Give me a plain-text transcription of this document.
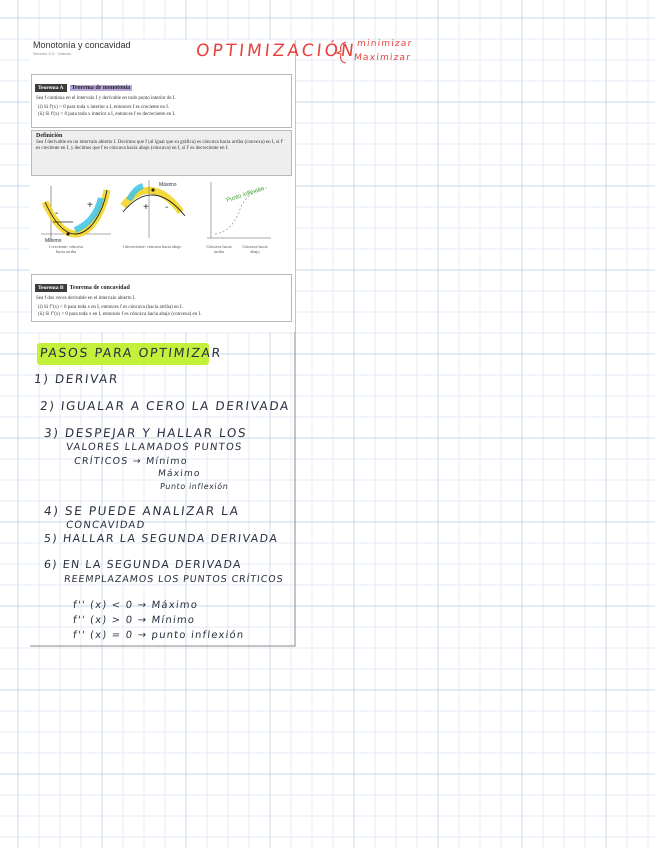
Monotonía y concavidad
Sección 3.4 · Cálculo	OPTIMIZACIÓN
minimizar
Maximizar
Teorema A Teorema de monotonía
Sea f continua en el intervalo I y derivable en todo punto interior de I.
(i) Si f'(x) > 0 para toda x interior a I, entonces f es creciente en I.
(ii) Si f'(x) < 0 para toda x interior a I, entonces f es decreciente en I.
Definición
Sea f derivable en un intervalo abierto I. Decimos que f (al igual que su gráfica) es cóncava hacia arriba (convexa) en I, si f' es creciente en I, y decimos que f es cóncava hacia abajo (cóncava) en I, si f' es decreciente en I.
-
+
Mínimo
+ -
Máximo
Punto inflexión
f creciente: cóncava hacia arriba
f decreciente: cóncava hacia abajo	Cóncava hacia arriba
Cóncava hacia abajo
Teorema B Teorema de concavidad
Sea f dos veces derivable en el intervalo abierto I.
(i) Si f''(x) > 0 para toda x en I, entonces f es cóncava (hacia arriba) en I.
(ii) Si f''(x) < 0 para toda x en I, entonces f es cóncava hacia abajo (convexa) en I.
PASOS PARA OPTIMIZAR
1) DERIVAR
2) IGUALAR A CERO LA DERIVADA
3) DESPEJAR Y HALLAR LOS
VALORES LLAMADOS PUNTOS
CRÍTICOS → Mínimo
Máximo
Punto inflexión
4) SE PUEDE ANALIZAR LA
CONCAVIDAD
5) HALLAR LA SEGUNDA DERIVADA
6) EN LA SEGUNDA DERIVADA
REEMPLAZAMOS LOS PUNTOS CRÍTICOS
f'' (x) < 0 → Máximo
f'' (x) > 0 → Mínimo
f'' (x) = 0 → punto inflexión
